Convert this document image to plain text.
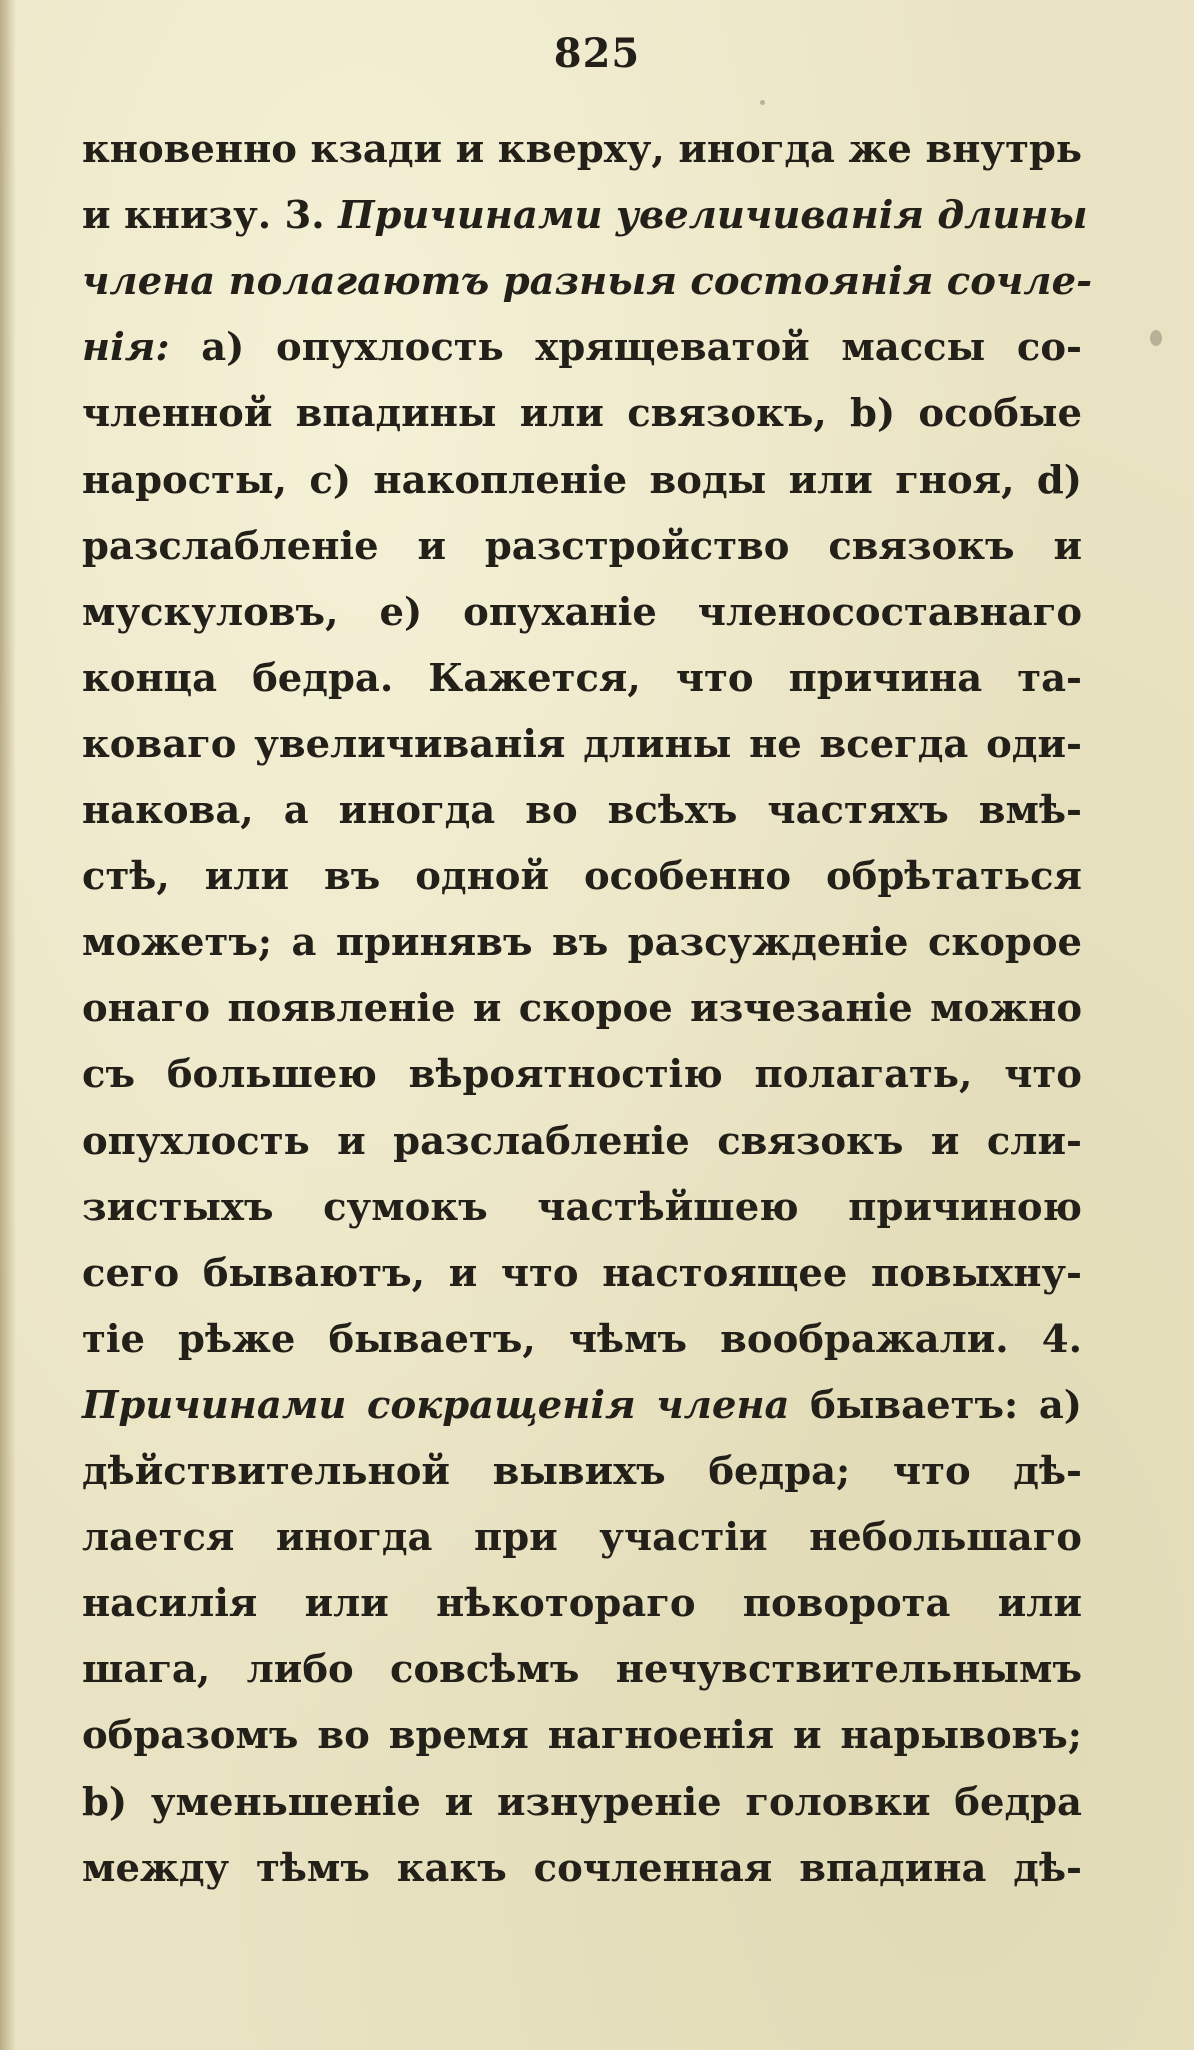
825
кновенно кзади и кверху, иногда же внутрь
и книзу. 3. Причинами увеличиванія длины
члена полагаютъ разныя состоянія сочле-
нія: а) опухлость хрящеватой массы со-
членной впадины или связокъ, b) особые
наросты, с) накопленіе воды или гноя, d)
разслабленіе и разстройство связокъ и
мускуловъ, е) опуханіе членосоставнаго
конца бедра. Кажется, что причина та-
коваго увеличиванія длины не всегда оди-
накова, а иногда во всѣхъ частяхъ вмѣ-
стѣ, или въ одной особенно обрѣтаться
можетъ; а принявъ въ разсужденіе скорое
онаго появленіе и скорое изчезаніе можно
съ большею вѣроятностію полагать, что
опухлость и разслабленіе связокъ и сли-
зистыхъ сумокъ частѣйшею причиною
сего бываютъ, и что настоящее повыхну-
тіе рѣже бываетъ, чѣмъ воображали. 4.
Причинами сокращенія члена бываетъ: а)
дѣйствительной вывихъ бедра; что дѣ-
лается иногда при участіи небольшаго
насилія или нѣкотораго поворота или
шага, либо совсѣмъ нечувствительнымъ
образомъ во время нагноенія и нарывовъ;
b) уменьшеніе и изнуреніе головки бедра
между тѣмъ какъ сочленная впадина дѣ-
